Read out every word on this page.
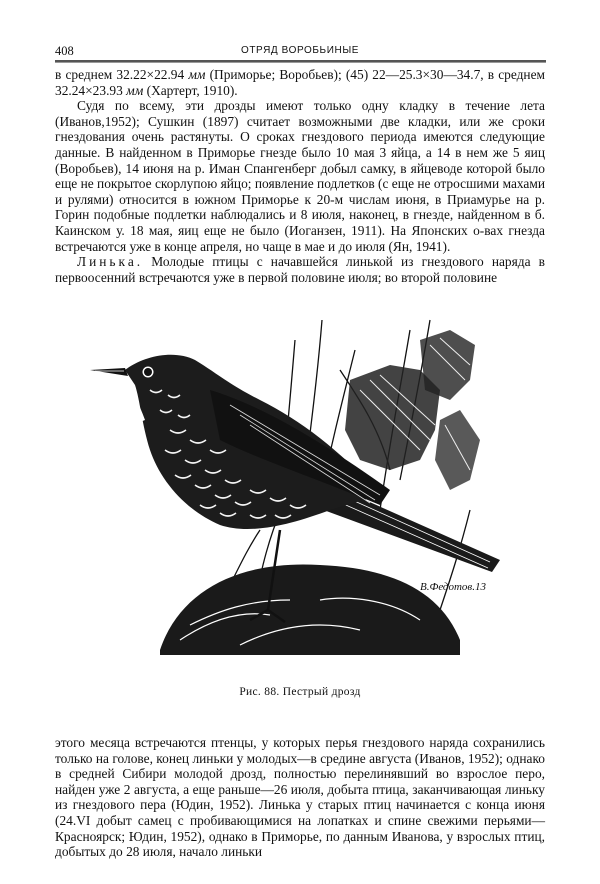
408	ОТРЯД ВОРОБЬИНЫЕ

в среднем 32.22×22.94 мм (Приморье; Воробьев); (45) 22—25.3×30—34.7, в среднем 32.24×23.93 мм (Хартерт, 1910).

Судя по всему, эти дрозды имеют только одну кладку в течение лета (Иванов,1952); Сушкин (1897) считает возможными две кладки, или же сроки гнездования очень растянуты. О сроках гнездового периода имеются следующие данные. В найденном в Приморье гнезде было 10 мая 3 яйца, а 14 в нем же 5 яиц (Воробьев), 14 июня на р. Иман Спангенберг добыл самку, в яйцеводе которой было еще не покрытое скорлупою яйцо; появление подлетков (с еще не отросшими махами и рулями) относится в южном Приморье к 20-м числам июня, в Приамурье на р. Горин подобные подлетки наблюдались и 8 июля, наконец, в гнезде, найденном в б. Каинском у. 18 мая, яиц еще не было (Иоганзен, 1911). На Японских о-вах гнезда встречаются уже в конце апреля, но чаще в мае и до июля (Ян, 1941).

Линька. Молодые птицы с начавшейся линькой из гнездового наряда в первоосенний встречаются уже в первой половине июля; во второй половине

В.Федотов.13
Рис. 88. Пестрый дрозд

этого месяца встречаются птенцы, у которых перья гнездового наряда сохранились только на голове, конец линьки у молодых—в средине августа (Иванов, 1952); однако в средней Сибири молодой дрозд, полностью перелинявший во взрослое перо, найден уже 2 августа, а еще раньше—26 июля, добыта птица, заканчивающая линьку из гнездового пера (Юдин, 1952). Линька у старых птиц начинается с конца июня (24.VI добыт самец с пробивающимися на лопатках и спине свежими перьями—Красноярск; Юдин, 1952), однако в Приморье, по данным Иванова, у взрослых птиц, добытых до 28 июля, начало линьки
